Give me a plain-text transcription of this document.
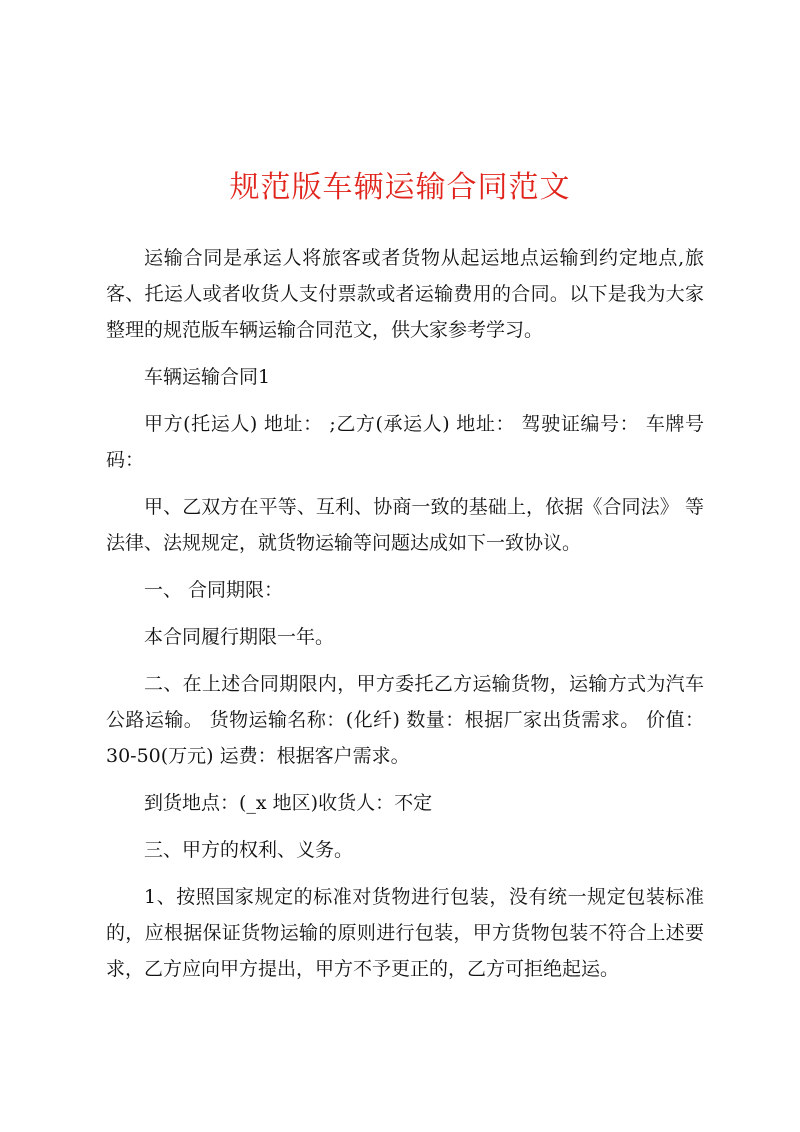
规范版车辆运输合同范文

运输合同是承运人将旅客或者货物从起运地点运输到约定地点,旅客、托运人或者收货人支付票款或者运输费用的合同。以下是我为大家整理的规范版车辆运输合同范文，供大家参考学习。

车辆运输合同1

甲方(托运人) 地址： ;乙方(承运人) 地址： 驾驶证编号： 车牌号码：

甲、乙双方在平等、互利、协商一致的基础上，依据《合同法》 等法律、法规规定，就货物运输等问题达成如下一致协议。

一、 合同期限：

本合同履行期限一年。

二、在上述合同期限内，甲方委托乙方运输货物，运输方式为汽车公路运输。 货物运输名称：(化纤) 数量：根据厂家出货需求。 价值：30-50(万元) 运费：根据客户需求。

到货地点：(_x 地区)收货人：不定

三、甲方的权利、义务。

1、按照国家规定的标准对货物进行包装，没有统一规定包装标准的，应根据保证货物运输的原则进行包装，甲方货物包装不符合上述要求，乙方应向甲方提出，甲方不予更正的，乙方可拒绝起运。
